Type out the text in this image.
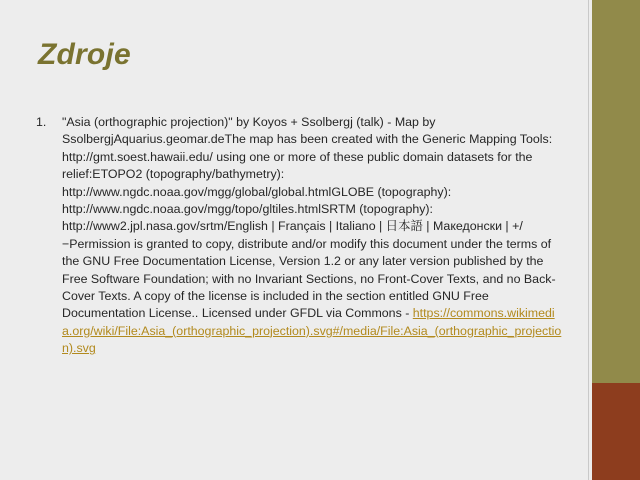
Zdroje
1. "Asia (orthographic projection)" by Koyos + Ssolbergj (talk) - Map by SsolbergjAquarius.geomar.deThe map has been created with the Generic Mapping Tools: http://gmt.soest.hawaii.edu/ using one or more of these public domain datasets for the relief:ETOPO2 (topography/bathymetry): http://www.ngdc.noaa.gov/mgg/global/global.htmlGLOBE (topography): http://www.ngdc.noaa.gov/mgg/topo/gltiles.htmlSRTM (topography): http://www2.jpl.nasa.gov/srtm/English | Français | Italiano | 日本語 | Македонски | +/−Permission is granted to copy, distribute and/or modify this document under the terms of the GNU Free Documentation License, Version 1.2 or any later version published by the Free Software Foundation; with no Invariant Sections, no Front-Cover Texts, and no Back-Cover Texts. A copy of the license is included in the section entitled GNU Free Documentation License.. Licensed under GFDL via Commons - https://commons.wikimedia.org/wiki/File:Asia_(orthographic_projection).svg#/media/File:Asia_(orthographic_projection).svg
